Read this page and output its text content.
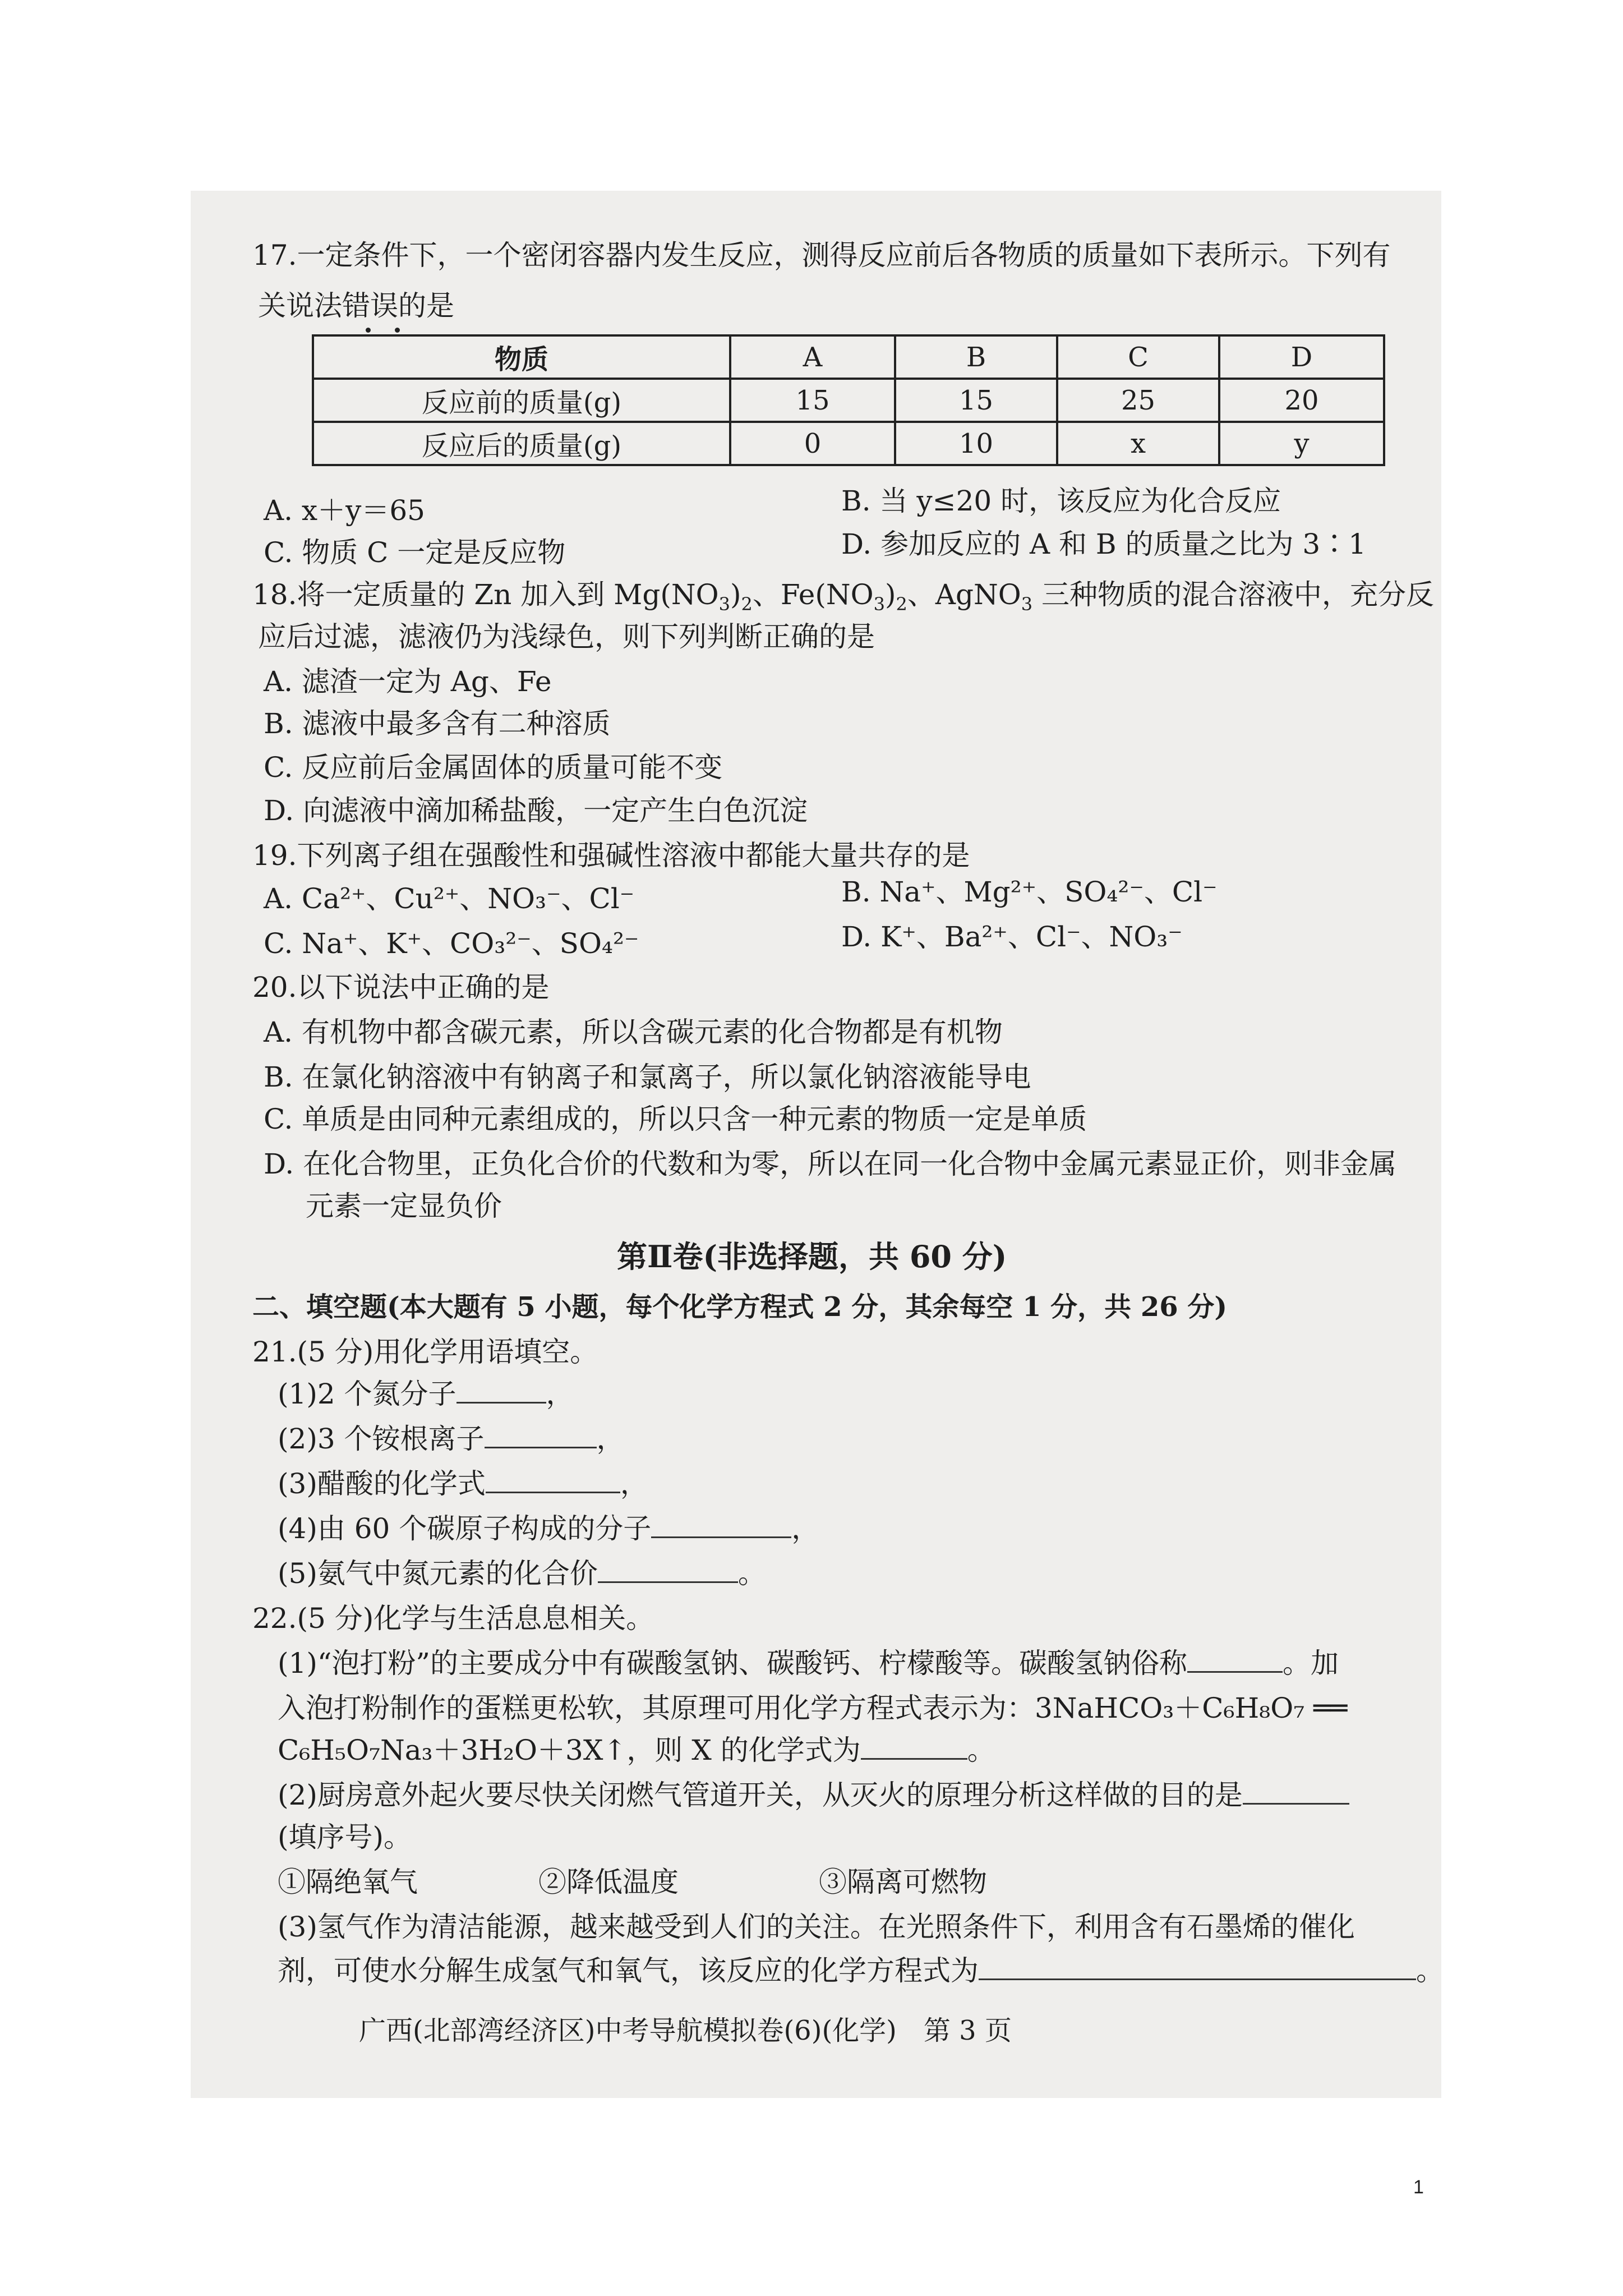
17.一定条件下，一个密闭容器内发生反应，测得反应前后各物质的质量如下表所示。下列有
关说法错误的是
物质	A	B	C	D
反应前的质量(g)	15	15	25	20
反应后的质量(g)	0	10	x	y
A. x＋y＝65	B. 当 y≤20 时，该反应为化合反应
C. 物质 C 一定是反应物	D. 参加反应的 A 和 B 的质量之比为 3∶1
18.将一定质量的 Zn 加入到 $Mg(NO_3)_2$、$Fe(NO_3)_2$、AgNO$_3$ 三种物质的混合溶液中，充分反
应后过滤，滤液仍为浅绿色，则下列判断正确的是
A. 滤渣一定为 Ag、Fe
B. 滤液中最多含有二种溶质
C. 反应前后金属固体的质量可能不变
D. 向滤液中滴加稀盐酸，一定产生白色沉淀
19.下列离子组在强酸性和强碱性溶液中都能大量共存的是
A. Ca²⁺、Cu²⁺、NO₃⁻、Cl⁻	B. Na⁺、Mg²⁺、SO₄²⁻、Cl⁻
C. Na⁺、K⁺、CO₃²⁻、SO₄²⁻	D. K⁺、Ba²⁺、Cl⁻、NO₃⁻
20.以下说法中正确的是
A. 有机物中都含碳元素，所以含碳元素的化合物都是有机物
B. 在氯化钠溶液中有钠离子和氯离子，所以氯化钠溶液能导电
C. 单质是由同种元素组成的，所以只含一种元素的物质一定是单质
D. 在化合物里，正负化合价的代数和为零，所以在同一化合物中金属元素显正价，则非金属
元素一定显负价
第Ⅱ卷(非选择题，共 60 分)
二、填空题(本大题有 5 小题，每个化学方程式 2 分，其余每空 1 分，共 26 分)
21.(5 分)用化学用语填空。
(1)2 个氮分子	，
(2)3 个铵根离子	，
(3)醋酸的化学式	，
(4)由 60 个碳原子构成的分子	，
(5)氨气中氮元素的化合价	。
22.(5 分)化学与生活息息相关。
(1)“泡打粉”的主要成分中有碳酸氢钠、碳酸钙、柠檬酸等。碳酸氢钠俗称	。加
入泡打粉制作的蛋糕更松软，其原理可用化学方程式表示为：3NaHCO₃＋C₆H₈O₇ ══
C₆H₅O₇Na₃＋3H₂O＋3X↑，则 X 的化学式为	。
(2)厨房意外起火要尽快关闭燃气管道开关，从灭火的原理分析这样做的目的是
(填序号)。
①隔绝氧气	②降低温度	③隔离可燃物
(3)氢气作为清洁能源，越来越受到人们的关注。在光照条件下，利用含有石墨烯的催化
剂，可使水分解生成氢气和氧气，该反应的化学方程式为	。
广西(北部湾经济区)中考导航模拟卷(6)(化学)　第 3 页
1
